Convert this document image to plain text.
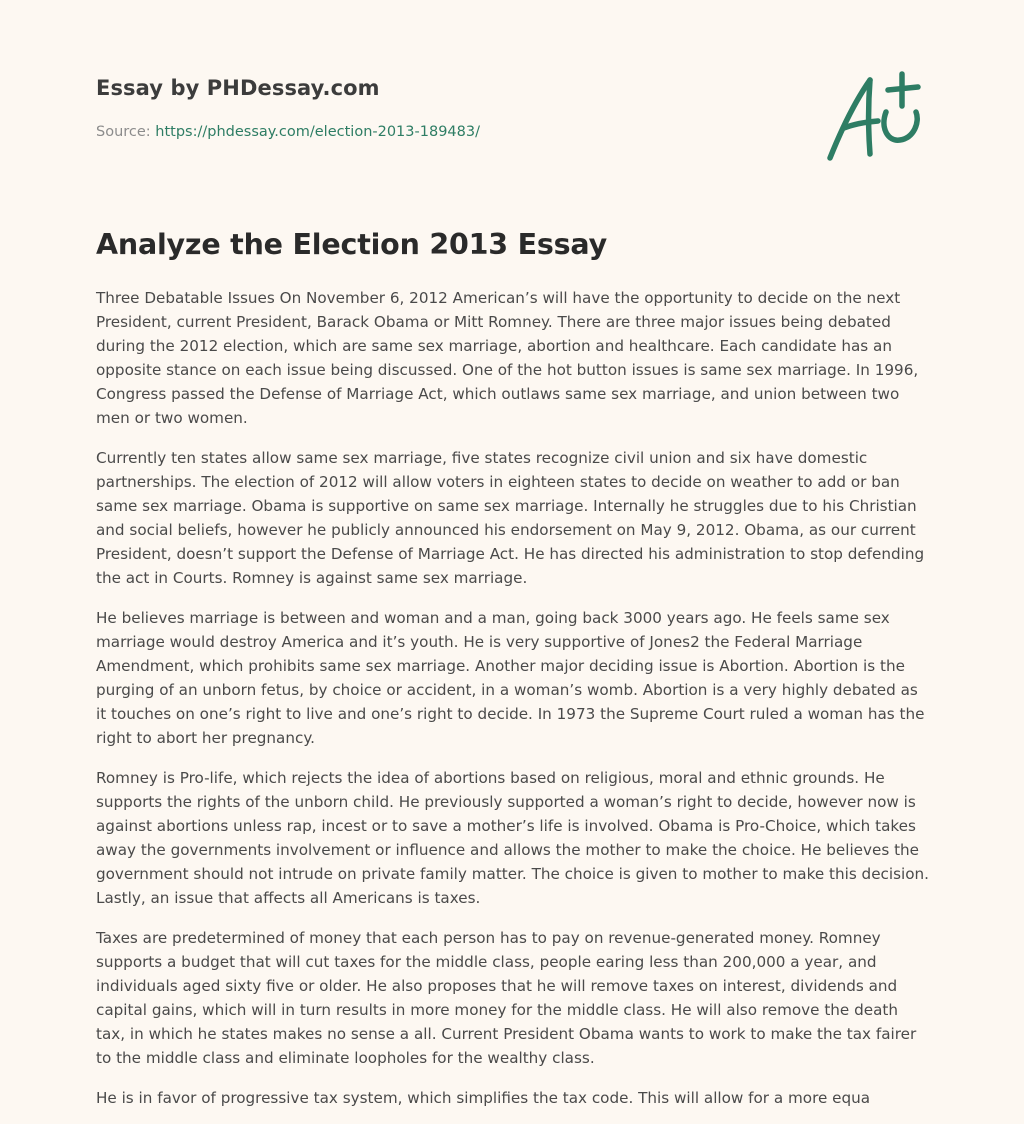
Essay by PHDessay.com
Source: https://phdessay.com/election-2013-189483/
Analyze the Election 2013 Essay

Three Debatable Issues On November 6, 2012 American’s will have the opportunity to decide on the next President, current President, Barack Obama or Mitt Romney. There are three major issues being debated during the 2012 election, which are same sex marriage, abortion and healthcare. Each candidate has an opposite stance on each issue being discussed. One of the hot button issues is same sex marriage. In 1996, Congress passed the Defense of Marriage Act, which outlaws same sex marriage, and union between two men or two women.

Currently ten states allow same sex marriage, five states recognize civil union and six have domestic partnerships. The election of 2012 will allow voters in eighteen states to decide on weather to add or ban same sex marriage. Obama is supportive on same sex marriage. Internally he struggles due to his Christian and social beliefs, however he publicly announced his endorsement on May 9, 2012. Obama, as our current President, doesn’t support the Defense of Marriage Act. He has directed his administration to stop defending the act in Courts. Romney is against same sex marriage.

He believes marriage is between and woman and a man, going back 3000 years ago. He feels same sex marriage would destroy America and it’s youth. He is very supportive of Jones2 the Federal Marriage Amendment, which prohibits same sex marriage. Another major deciding issue is Abortion. Abortion is the purging of an unborn fetus, by choice or accident, in a woman’s womb. Abortion is a very highly debated as it touches on one’s right to live and one’s right to decide. In 1973 the Supreme Court ruled a woman has the right to abort her pregnancy.

Romney is Pro-life, which rejects the idea of abortions based on religious, moral and ethnic grounds. He supports the rights of the unborn child. He previously supported a woman’s right to decide, however now is against abortions unless rap, incest or to save a mother’s life is involved. Obama is Pro-Choice, which takes away the governments involvement or influence and allows the mother to make the choice. He believes the government should not intrude on private family matter. The choice is given to mother to make this decision. Lastly, an issue that affects all Americans is taxes.

Taxes are predetermined of money that each person has to pay on revenue-generated money. Romney supports a budget that will cut taxes for the middle class, people earing less than 200,000 a year, and individuals aged sixty five or older. He also proposes that he will remove taxes on interest, dividends and capital gains, which will in turn results in more money for the middle class. He will also remove the death tax, in which he states makes no sense a all. Current President Obama wants to work to make the tax fairer to the middle class and eliminate loopholes for the wealthy class.

He is in favor of progressive tax system, which simplifies the tax code. This will allow for a more equa
